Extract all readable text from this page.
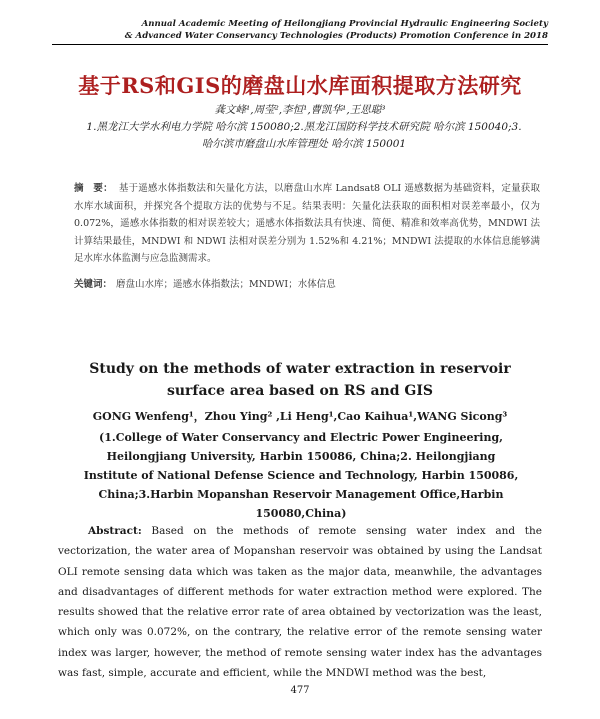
Annual Academic Meeting of Heilongjiang Provincial Hydraulic Engineering Society
& Advanced Water Conservancy Technologies (Products) Promotion Conference in 2018
基于RS和GIS的磨盘山水库面积提取方法研究
龚文峰¹,周莹²,李恒¹,曹凯华¹,王思聪³
1.黑龙江大学水利电力学院 哈尔滨 150080;2.黑龙江国防科学技术研究院 哈尔滨 150040;3.
哈尔滨市磨盘山水库管理处 哈尔滨 150001
摘　要： 基于遥感水体指数法和矢量化方法，以磨盘山水库 Landsat8 OLI 遥感数据为基础资料，定量获取水库水域面积，并探究各个提取方法的优势与不足。结果表明：矢量化法获取的面积相对误差率最小，仅为 0.072%，遥感水体指数的相对误差较大；遥感水体指数法具有快速、简便、精准和效率高优势，MNDWI 法计算结果最佳，MNDWI 和 NDWI 法相对误差分别为 1.52%和 4.21%；MNDWI 法提取的水体信息能够满足水库水体监测与应急监测需求。
关键词： 磨盘山水库；遥感水体指数法；MNDWI；水体信息
Study on the methods of water extraction in reservoir surface area based on RS and GIS
GONG Wenfeng¹，Zhou Ying² ,Li Heng¹,Cao Kaihua¹,WANG Sicong³
(1.College of Water Conservancy and Electric Power Engineering, Heilongjiang University, Harbin 150086, China;2. Heilongjiang Institute of National Defense Science and Technology, Harbin 150086, China;3.Harbin Mopanshan Reservoir Management Office,Harbin 150080,China)
Abstract: Based on the methods of remote sensing water index and the vectorization, the water area of Mopanshan reservoir was obtained by using the Landsat OLI remote sensing data which was taken as the major data, meanwhile, the advantages and disadvantages of different methods for water extraction method were explored. The results showed that the relative error rate of area obtained by vectorization was the least, which only was 0.072%, on the contrary, the relative error of the remote sensing water index was larger, however, the method of remote sensing water index has the advantages was fast, simple, accurate and efficient, while the MNDWI method was the best,
477
